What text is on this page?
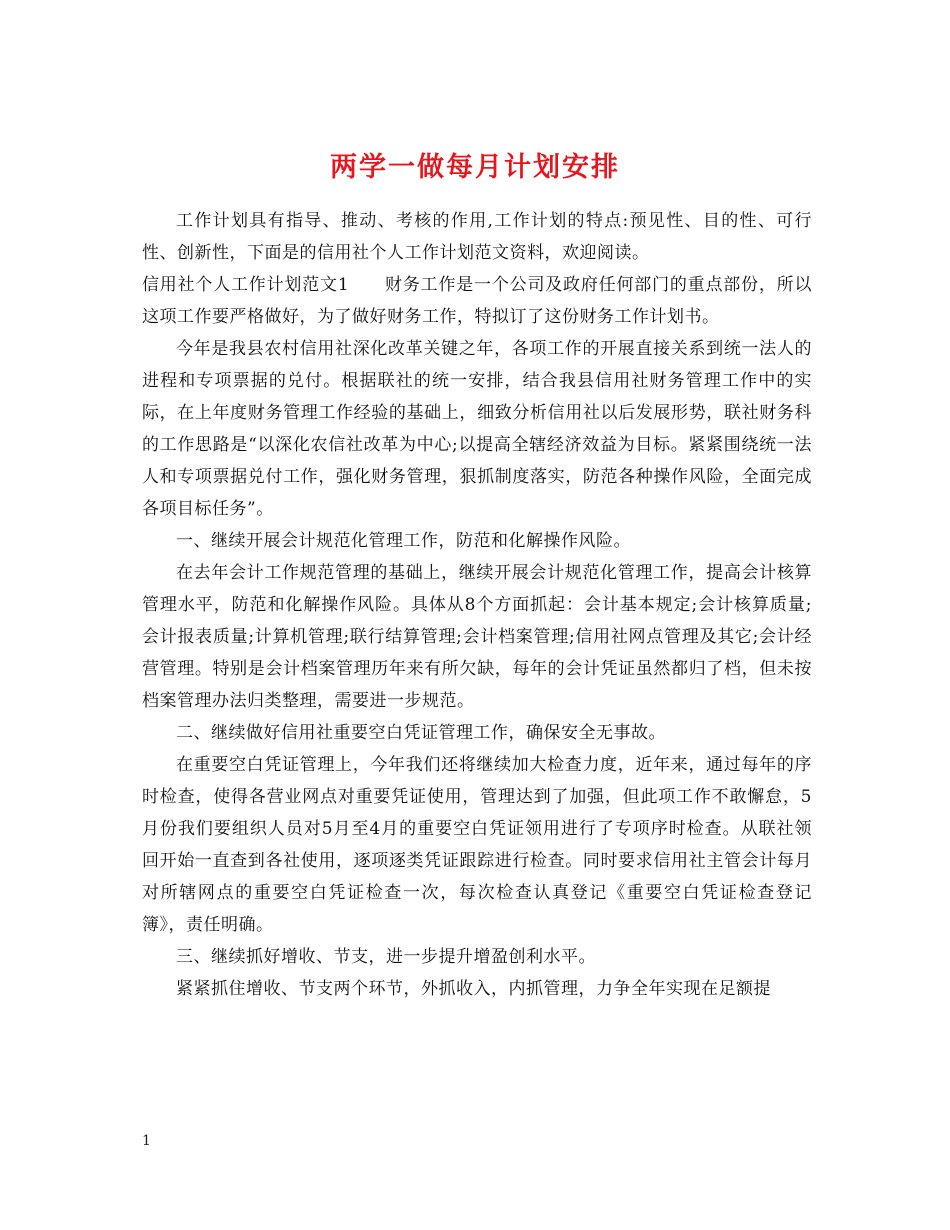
两学一做每月计划安排

工作计划具有指导、推动、考核的作用,工作计划的特点:预见性、目的性、可行性、创新性，下面是的信用社个人工作计划范文资料，欢迎阅读。

信用社个人工作计划范文1　　财务工作是一个公司及政府任何部门的重点部份，所以这项工作要严格做好，为了做好财务工作，特拟订了这份财务工作计划书。

今年是我县农村信用社深化改革关键之年，各项工作的开展直接关系到统一法人的进程和专项票据的兑付。根据联社的统一安排，结合我县信用社财务管理工作中的实际，在上年度财务管理工作经验的基础上，细致分析信用社以后发展形势，联社财务科的工作思路是“以深化农信社改革为中心;以提高全辖经济效益为目标。紧紧围绕统一法人和专项票据兑付工作，强化财务管理，狠抓制度落实，防范各种操作风险，全面完成各项目标任务”。

一、继续开展会计规范化管理工作，防范和化解操作风险。

在去年会计工作规范管理的基础上，继续开展会计规范化管理工作，提高会计核算管理水平，防范和化解操作风险。具体从8个方面抓起：会计基本规定;会计核算质量;会计报表质量;计算机管理;联行结算管理;会计档案管理;信用社网点管理及其它;会计经营管理。特别是会计档案管理历年来有所欠缺，每年的会计凭证虽然都归了档，但未按档案管理办法归类整理，需要进一步规范。

二、继续做好信用社重要空白凭证管理工作，确保安全无事故。

在重要空白凭证管理上，今年我们还将继续加大检查力度，近年来，通过每年的序时检查，使得各营业网点对重要凭证使用，管理达到了加强，但此项工作不敢懈怠，5月份我们要组织人员对5月至4月的重要空白凭证领用进行了专项序时检查。从联社领回开始一直查到各社使用，逐项逐类凭证跟踪进行检查。同时要求信用社主管会计每月对所辖网点的重要空白凭证检查一次，每次检查认真登记《重要空白凭证检查登记簿》，责任明确。

三、继续抓好增收、节支，进一步提升增盈创利水平。

紧紧抓住增收、节支两个环节，外抓收入，内抓管理，力争全年实现在足额提

1
